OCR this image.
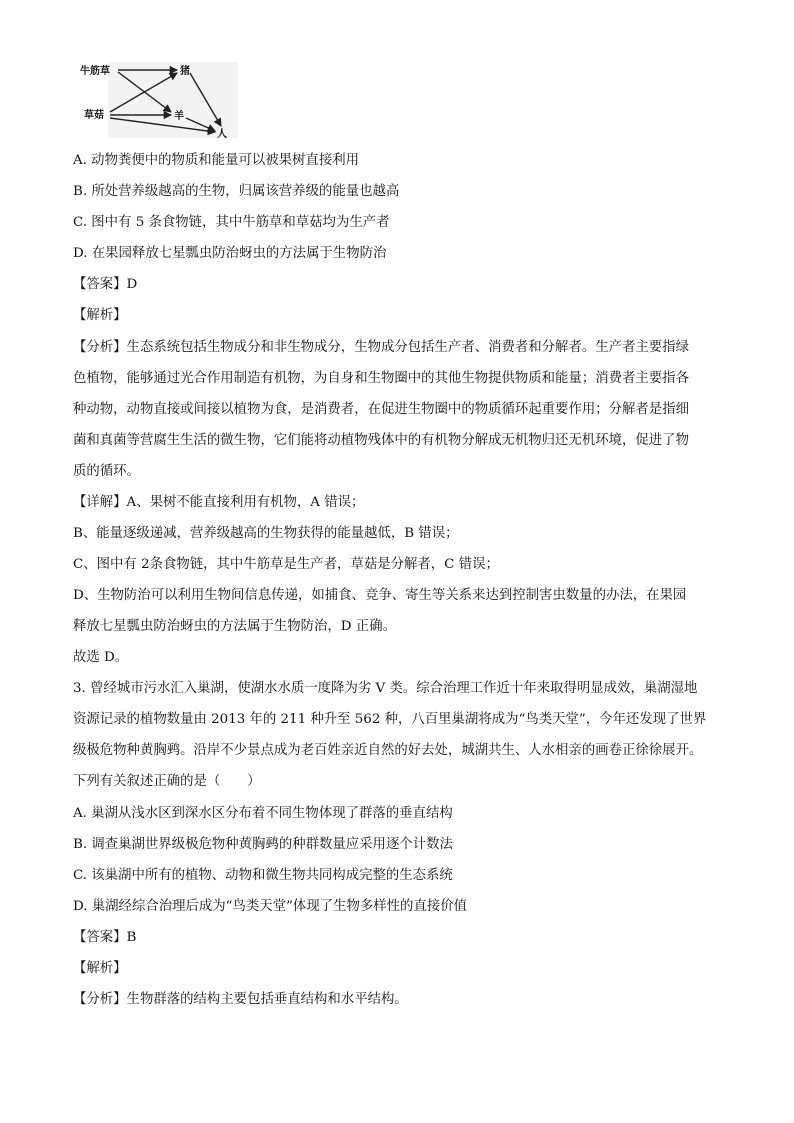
牛筋草
草菇
猪
羊
人
A. 动物粪便中的物质和能量可以被果树直接利用
B. 所处营养级越高的生物，归属该营养级的能量也越高
C. 图中有 5 条食物链，其中牛筋草和草菇均为生产者
D. 在果园释放七星瓢虫防治蚜虫的方法属于生物防治
【答案】D
【解析】
【分析】生态系统包括生物成分和非生物成分，生物成分包括生产者、消费者和分解者。生产者主要指绿
色植物，能够通过光合作用制造有机物，为自身和生物圈中的其他生物提供物质和能量；消费者主要指各
种动物，动物直接或间接以植物为食，是消费者，在促进生物圈中的物质循环起重要作用；分解者是指细
菌和真菌等营腐生生活的微生物，它们能将动植物残体中的有机物分解成无机物归还无机环境，促进了物
质的循环。
【详解】A、果树不能直接利用有机物，A 错误；
B、能量逐级递减，营养级越高的生物获得的能量越低，B 错误；
C、图中有 2条食物链，其中牛筋草是生产者，草菇是分解者，C 错误；
D、生物防治可以利用生物间信息传递，如捕食、竞争、寄生等关系来达到控制害虫数量的办法，在果园
释放七星瓢虫防治蚜虫的方法属于生物防治，D 正确。
故选 D。
3. 曾经城市污水汇入巢湖，使湖水水质一度降为劣 V 类。综合治理工作近十年来取得明显成效，巢湖湿地
资源记录的植物数量由 2013 年的 211 种升至 562 种，八百里巢湖将成为“鸟类天堂”，今年还发现了世界
级极危物种黄胸鹀。沿岸不少景点成为老百姓亲近自然的好去处，城湖共生、人水相亲的画卷正徐徐展开。
下列有关叙述正确的是（　　）
A. 巢湖从浅水区到深水区分布着不同生物体现了群落的垂直结构
B. 调查巢湖世界级极危物种黄胸鹀的种群数量应采用逐个计数法
C. 该巢湖中所有的植物、动物和微生物共同构成完整的生态系统
D. 巢湖经综合治理后成为“鸟类天堂”体现了生物多样性的直接价值
【答案】B
【解析】
【分析】生物群落的结构主要包括垂直结构和水平结构。
